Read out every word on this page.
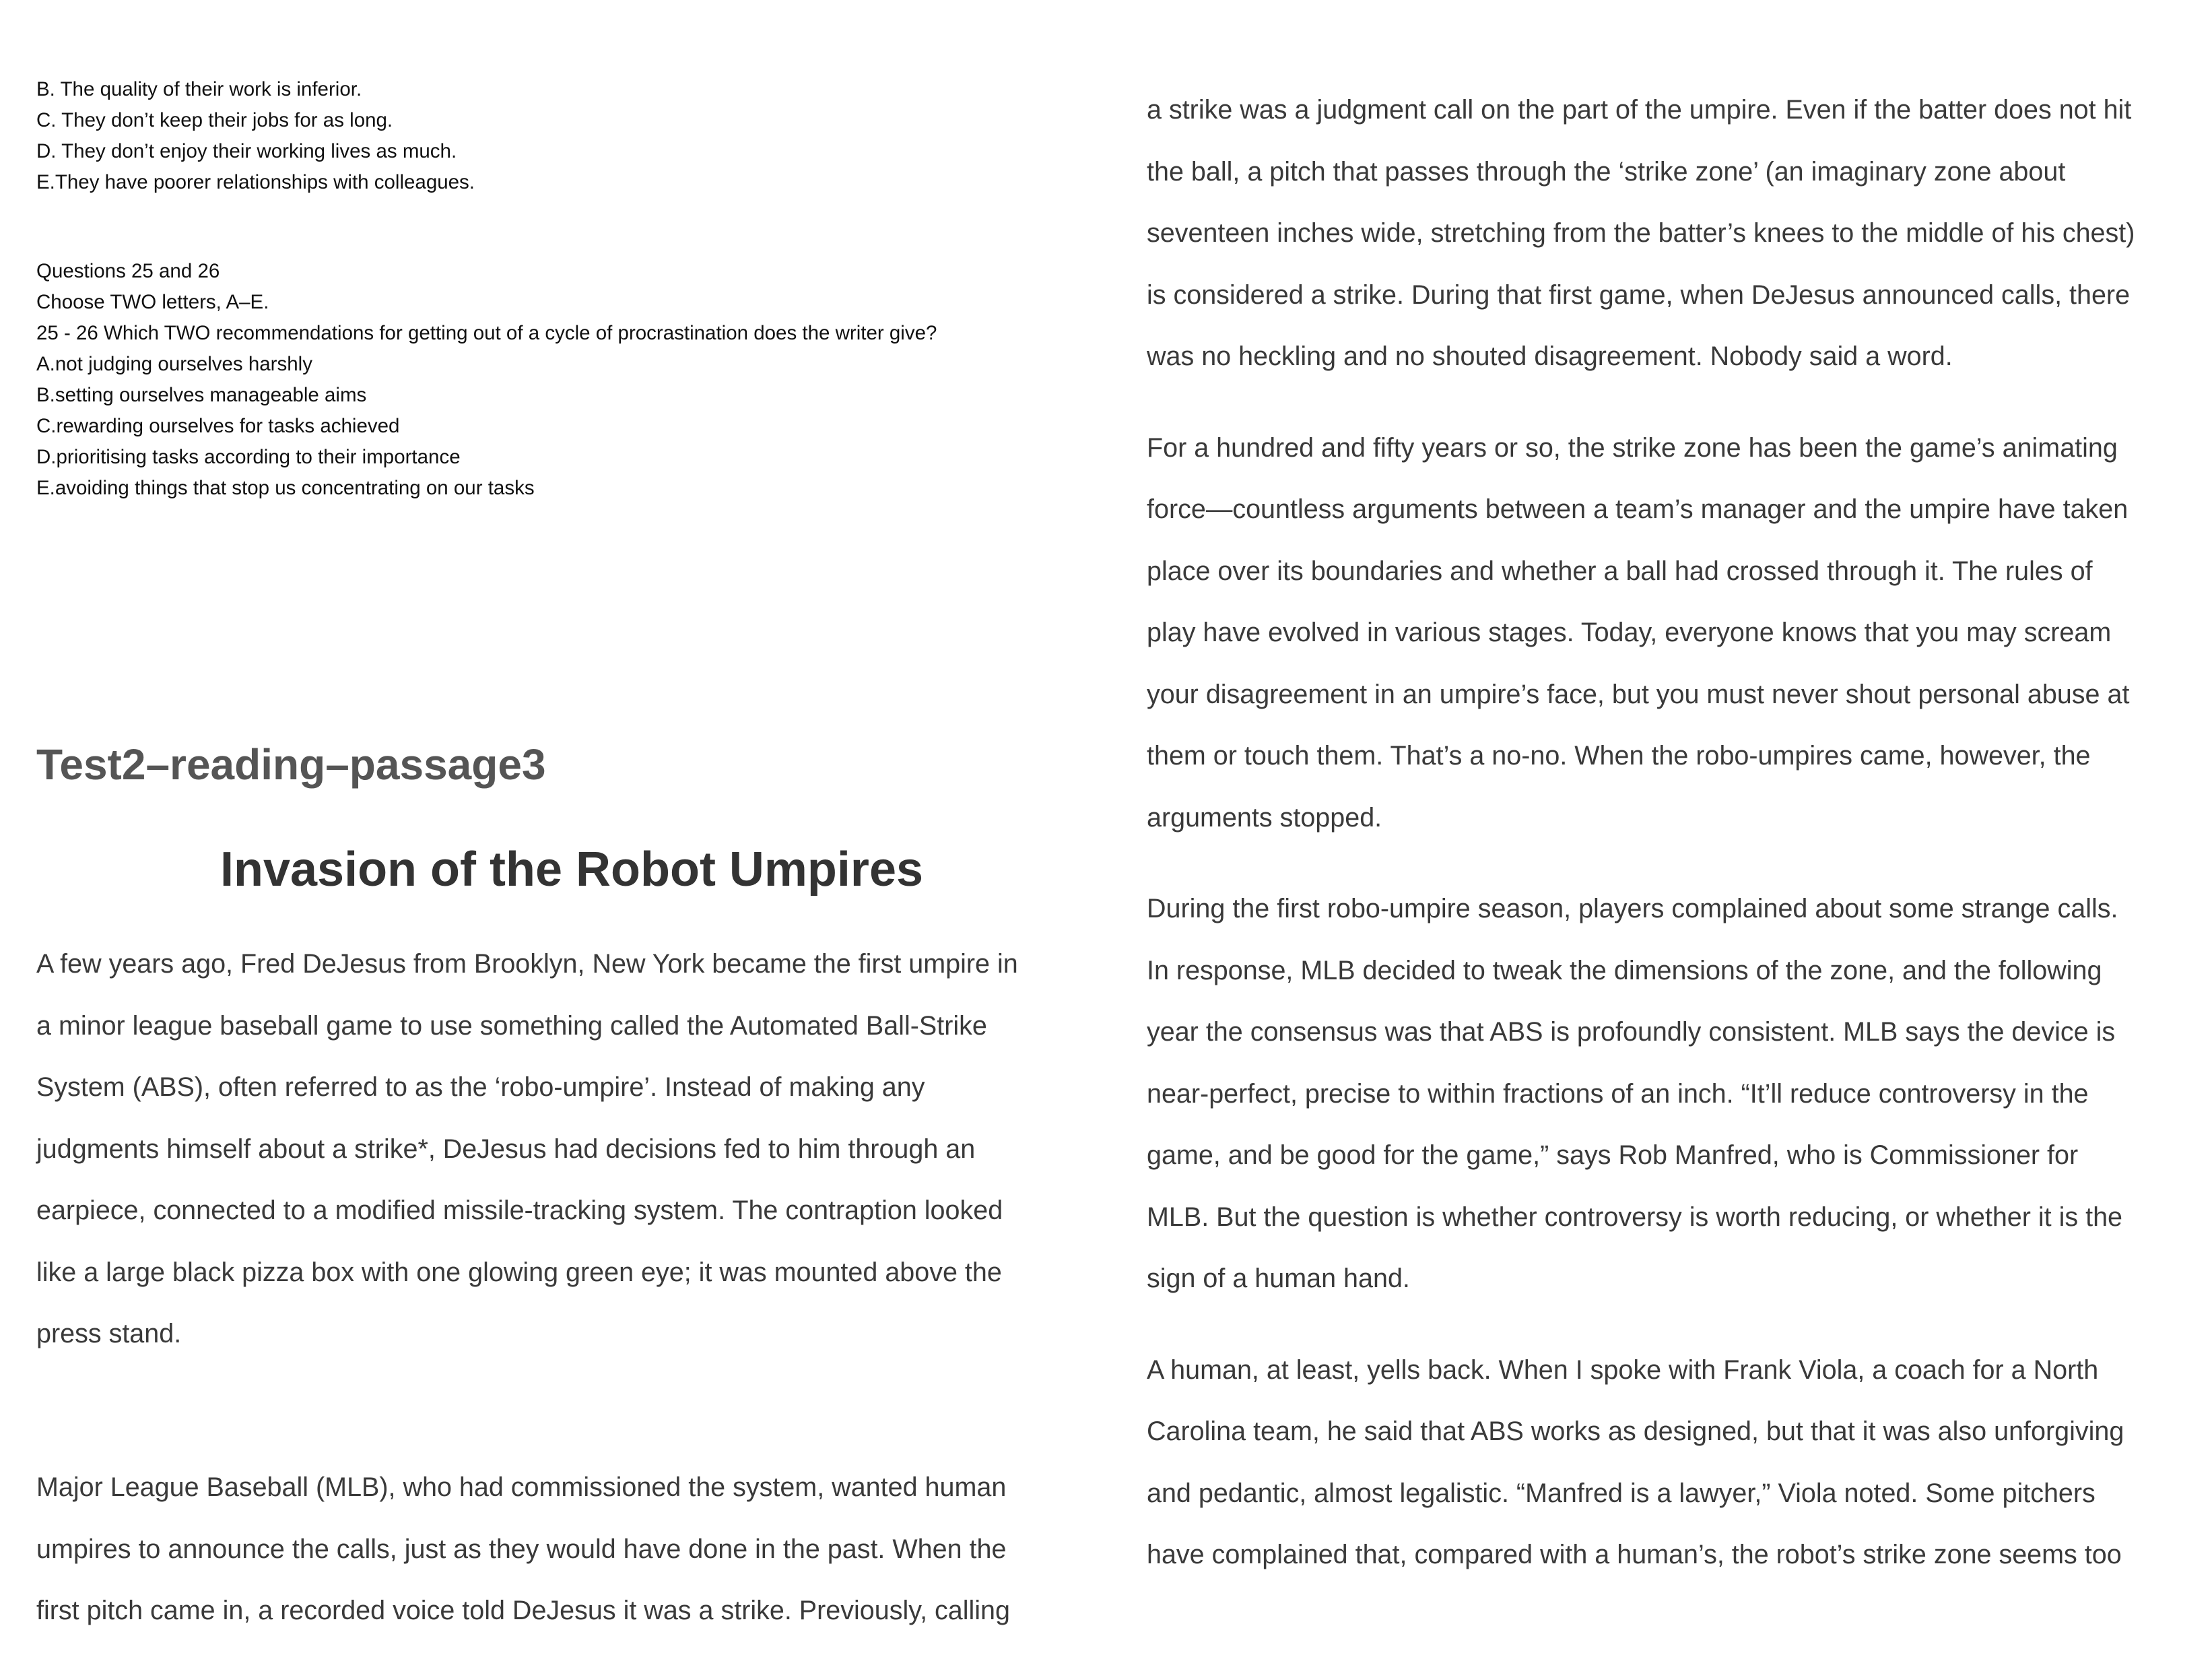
B. The quality of their work is inferior.
C. They don’t keep their jobs for as long.
D. They don’t enjoy their working lives as much.
E.They have poorer relationships with colleagues.
Questions 25 and 26
Choose TWO letters, A–E.
25 - 26 Which TWO recommendations for getting out of a cycle of procrastination does the writer give?
A.not judging ourselves harshly
B.setting ourselves manageable aims
C.rewarding ourselves for tasks achieved
D.prioritising tasks according to their importance
E.avoiding things that stop us concentrating on our tasks
Test2–reading–passage3
Invasion of the Robot Umpires

A few years ago, Fred DeJesus from Brooklyn, New York became the first umpire in
a minor league baseball game to use something called the Automated Ball-Strike
System (ABS), often referred to as the ‘robo-umpire’. Instead of making any
judgments himself about a strike*, DeJesus had decisions fed to him through an
earpiece, connected to a modified missile-tracking system. The contraption looked
like a large black pizza box with one glowing green eye; it was mounted above the
press stand.

Major League Baseball (MLB), who had commissioned the system, wanted human
umpires to announce the calls, just as they would have done in the past. When the
first pitch came in, a recorded voice told DeJesus it was a strike. Previously, calling

a strike was a judgment call on the part of the umpire. Even if the batter does not hit
the ball, a pitch that passes through the ‘strike zone’ (an imaginary zone about
seventeen inches wide, stretching from the batter’s knees to the middle of his chest)
is considered a strike. During that first game, when DeJesus announced calls, there
was no heckling and no shouted disagreement. Nobody said a word.

For a hundred and fifty years or so, the strike zone has been the game’s animating
force—countless arguments between a team’s manager and the umpire have taken
place over its boundaries and whether a ball had crossed through it. The rules of
play have evolved in various stages. Today, everyone knows that you may scream
your disagreement in an umpire’s face, but you must never shout personal abuse at
them or touch them. That’s a no-no. When the robo-umpires came, however, the
arguments stopped.

During the first robo-umpire season, players complained about some strange calls.
In response, MLB decided to tweak the dimensions of the zone, and the following
year the consensus was that ABS is profoundly consistent. MLB says the device is
near-perfect, precise to within fractions of an inch. “It’ll reduce controversy in the
game, and be good for the game,” says Rob Manfred, who is Commissioner for
MLB. But the question is whether controversy is worth reducing, or whether it is the
sign of a human hand.

A human, at least, yells back. When I spoke with Frank Viola, a coach for a North
Carolina team, he said that ABS works as designed, but that it was also unforgiving
and pedantic, almost legalistic. “Manfred is a lawyer,” Viola noted. Some pitchers
have complained that, compared with a human’s, the robot’s strike zone seems too
